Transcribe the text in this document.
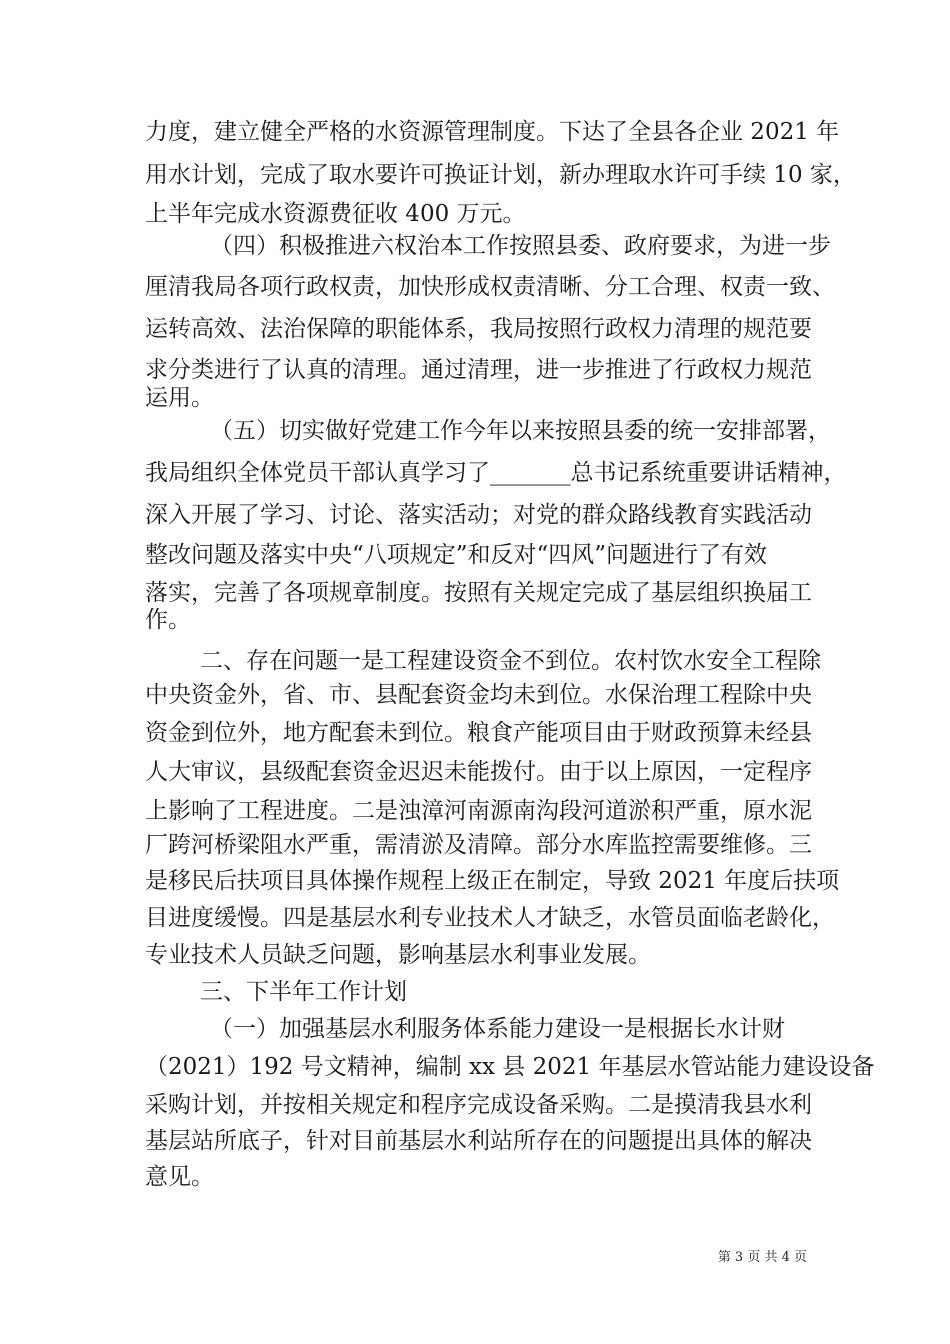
力度，建立健全严格的水资源管理制度。下达了全县各企业 2021 年
用水计划，完成了取水要许可换证计划，新办理取水许可手续 10 家，
上半年完成水资源费征收 400 万元。
（四）积极推进六权治本工作按照县委、政府要求，为进一步
厘清我局各项行政权责，加快形成权责清晰、分工合理、权责一致、
运转高效、法治保障的职能体系，我局按照行政权力清理的规范要
求分类进行了认真的清理。通过清理，进一步推进了行政权力规范
运用。
（五）切实做好党建工作今年以来按照县委的统一安排部署，
我局组织全体党员干部认真学习了_______总书记系统重要讲话精神，
深入开展了学习、讨论、落实活动；对党的群众路线教育实践活动
整改问题及落实中央“八项规定”和反对“四风”问题进行了有效
落实，完善了各项规章制度。按照有关规定完成了基层组织换届工
作。
二、存在问题一是工程建设资金不到位。农村饮水安全工程除
中央资金外，省、市、县配套资金均未到位。水保治理工程除中央
资金到位外，地方配套未到位。粮食产能项目由于财政预算未经县
人大审议，县级配套资金迟迟未能拨付。由于以上原因，一定程序
上影响了工程进度。二是浊漳河南源南沟段河道淤积严重，原水泥
厂跨河桥梁阻水严重，需清淤及清障。部分水库监控需要维修。三
是移民后扶项目具体操作规程上级正在制定，导致 2021 年度后扶项
目进度缓慢。四是基层水利专业技术人才缺乏，水管员面临老龄化，
专业技术人员缺乏问题，影响基层水利事业发展。
三、下半年工作计划
（一）加强基层水利服务体系能力建设一是根据长水计财
（2021）192 号文精神，编制 xx 县 2021 年基层水管站能力建设设备
采购计划，并按相关规定和程序完成设备采购。二是摸清我县水利
基层站所底子，针对目前基层水利站所存在的问题提出具体的解决
意见。
第 3 页 共 4 页
